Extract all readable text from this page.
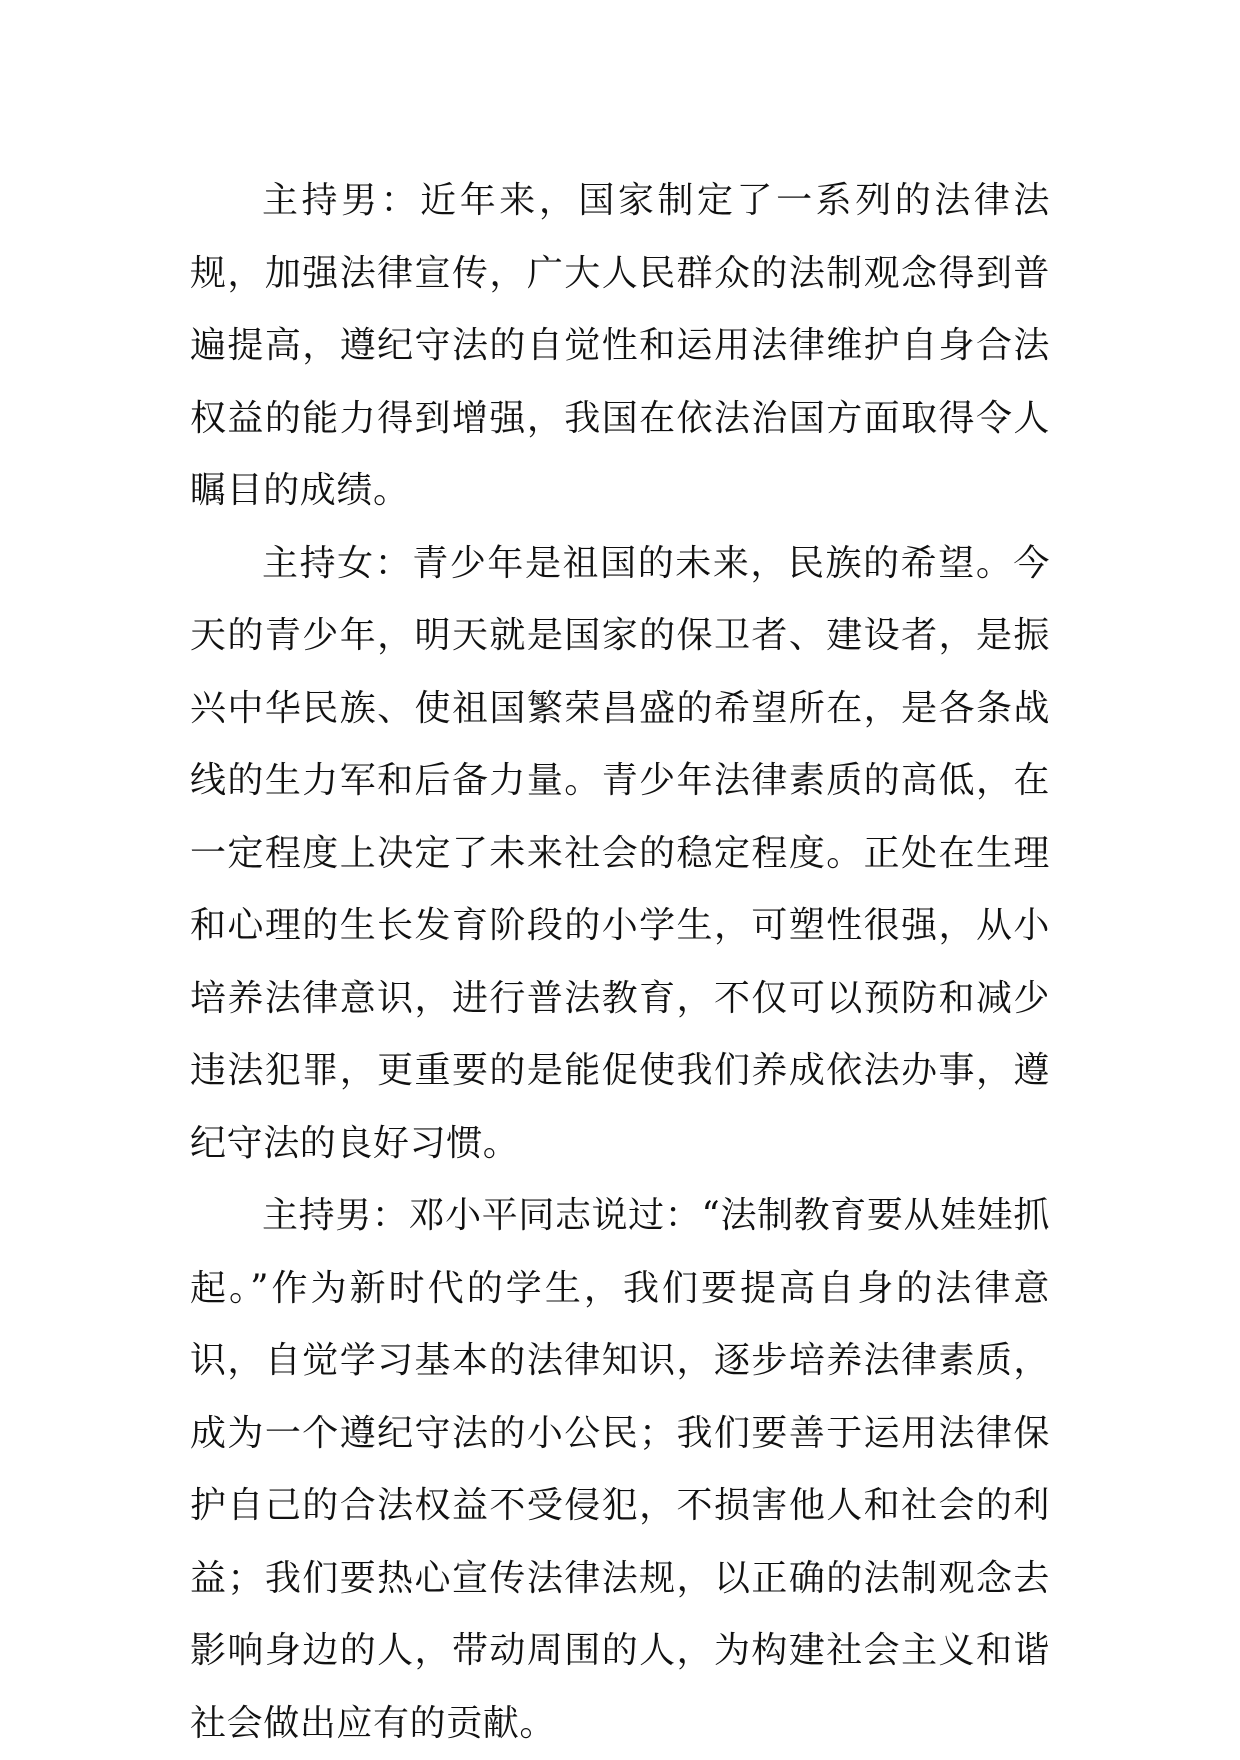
主持男：近年来，国家制定了一系列的法律法规，加强法律宣传，广大人民群众的法制观念得到普遍提高，遵纪守法的自觉性和运用法律维护自身合法权益的能力得到增强，我国在依法治国方面取得令人瞩目的成绩。

主持女：青少年是祖国的未来，民族的希望。今天的青少年，明天就是国家的保卫者、建设者，是振兴中华民族、使祖国繁荣昌盛的希望所在，是各条战线的生力军和后备力量。青少年法律素质的高低，在一定程度上决定了未来社会的稳定程度。正处在生理和心理的生长发育阶段的小学生，可塑性很强，从小培养法律意识，进行普法教育，不仅可以预防和减少违法犯罪，更重要的是能促使我们养成依法办事，遵纪守法的良好习惯。

主持男：邓小平同志说过：“法制教育要从娃娃抓起。”作为新时代的学生，我们要提高自身的法律意识，自觉学习基本的法律知识，逐步培养法律素质，成为一个遵纪守法的小公民；我们要善于运用法律保护自己的合法权益不受侵犯，不损害他人和社会的利益；我们要热心宣传法律法规，以正确的法制观念去影响身边的人，带动周围的人，为构建社会主义和谐社会做出应有的贡献。
